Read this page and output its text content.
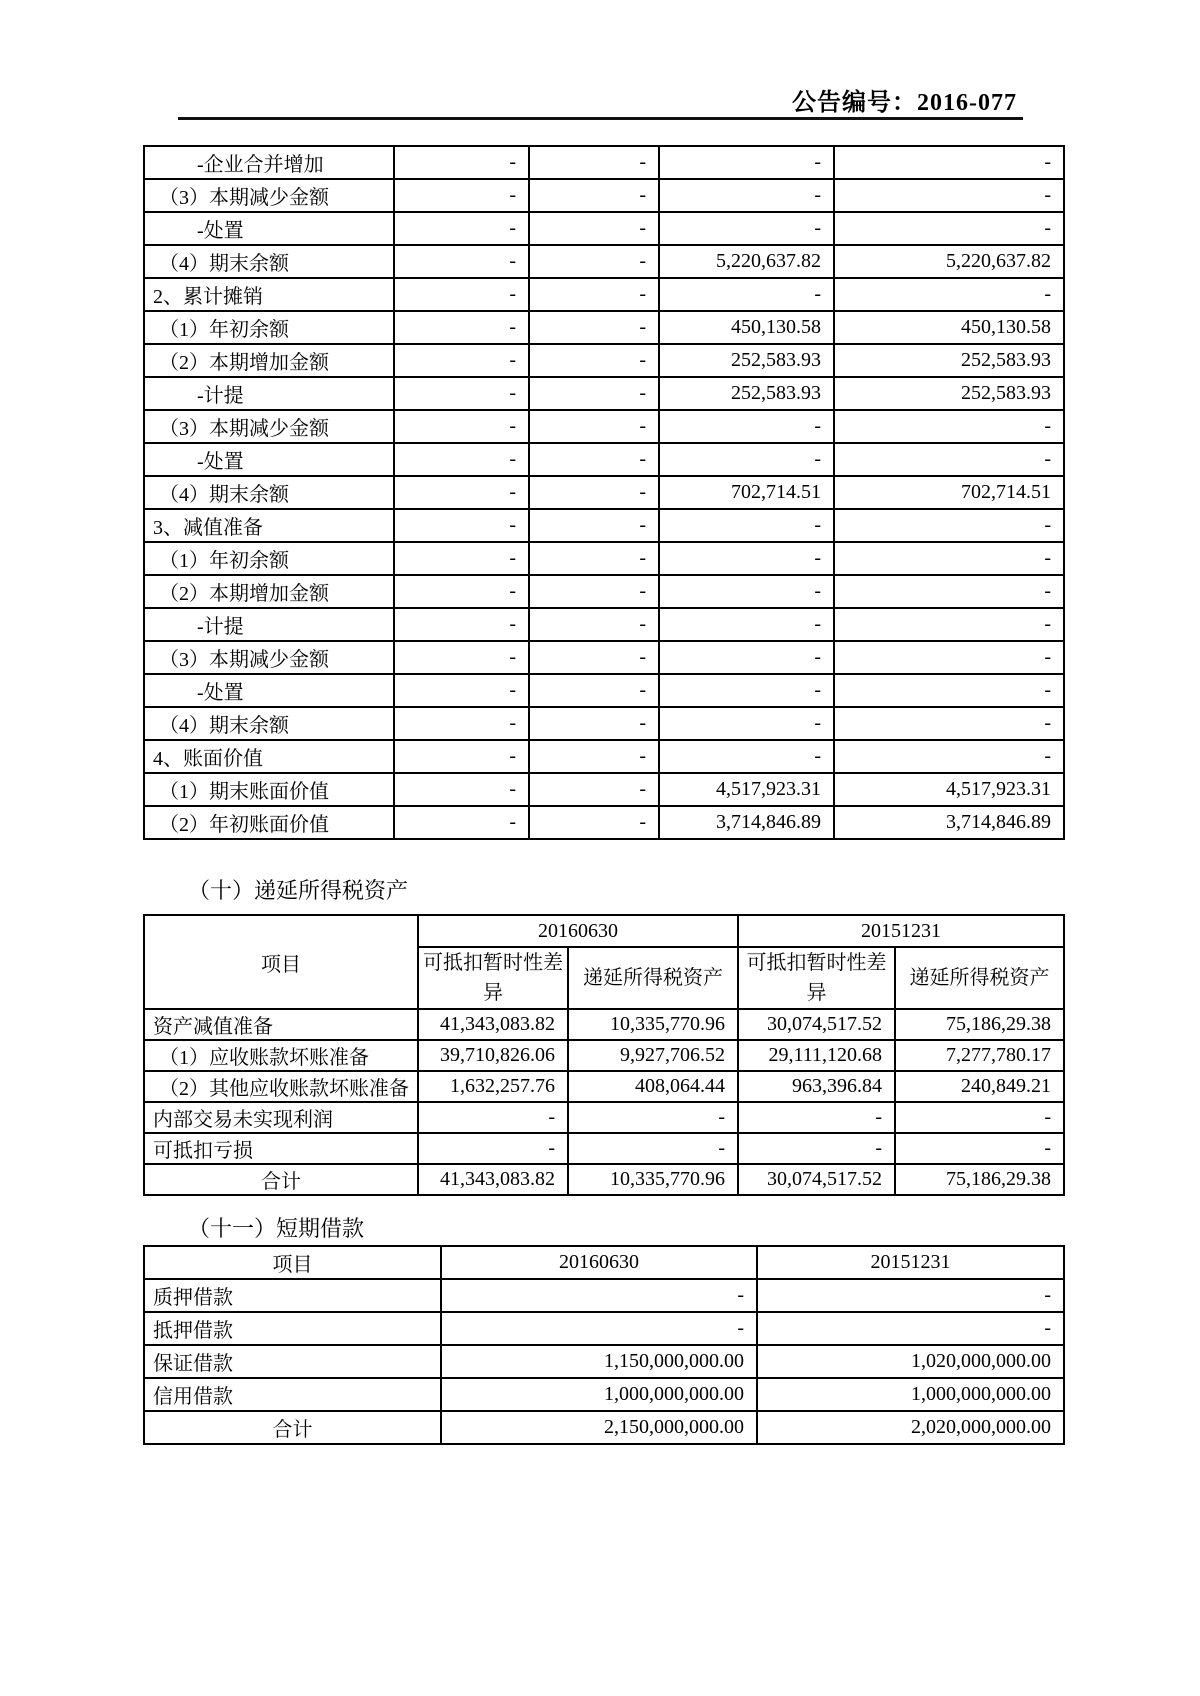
公告编号：2016-077
-企业合并增加	-	-	-	-
（3）本期减少金额	-	-	-	-
-处置	-	-	-	-
（4）期末余额	-	-	5,220,637.82	5,220,637.82
2、累计摊销	-	-	-	-
（1）年初余额	-	-	450,130.58	450,130.58
（2）本期增加金额	-	-	252,583.93	252,583.93
-计提	-	-	252,583.93	252,583.93
（3）本期减少金额	-	-	-	-
-处置	-	-	-	-
（4）期末余额	-	-	702,714.51	702,714.51
3、减值准备	-	-	-	-
（1）年初余额	-	-	-	-
（2）本期增加金额	-	-	-	-
-计提	-	-	-	-
（3）本期减少金额	-	-	-	-
-处置	-	-	-	-
（4）期末余额	-	-	-	-
4、账面价值	-	-	-	-
（1）期末账面价值	-	-	4,517,923.31	4,517,923.31
（2）年初账面价值	-	-	3,714,846.89	3,714,846.89
（十）递延所得税资产
项目	20160630		20151231	
	可抵扣暂时性差异	递延所得税资产	可抵扣暂时性差异	递延所得税资产
资产减值准备	41,343,083.82	10,335,770.96	30,074,517.52	75,186,29.38
（1）应收账款坏账准备	39,710,826.06	9,927,706.52	29,111,120.68	7,277,780.17
（2）其他应收账款坏账准备	1,632,257.76	408,064.44	963,396.84	240,849.21
内部交易未实现利润	-	-	-	-
可抵扣亏损	-	-	-	-
合计	41,343,083.82	10,335,770.96	30,074,517.52	75,186,29.38
（十一）短期借款
项目	20160630	20151231
质押借款	-	-
抵押借款	-	-
保证借款	1,150,000,000.00	1,020,000,000.00
信用借款	1,000,000,000.00	1,000,000,000.00
合计	2,150,000,000.00	2,020,000,000.00
